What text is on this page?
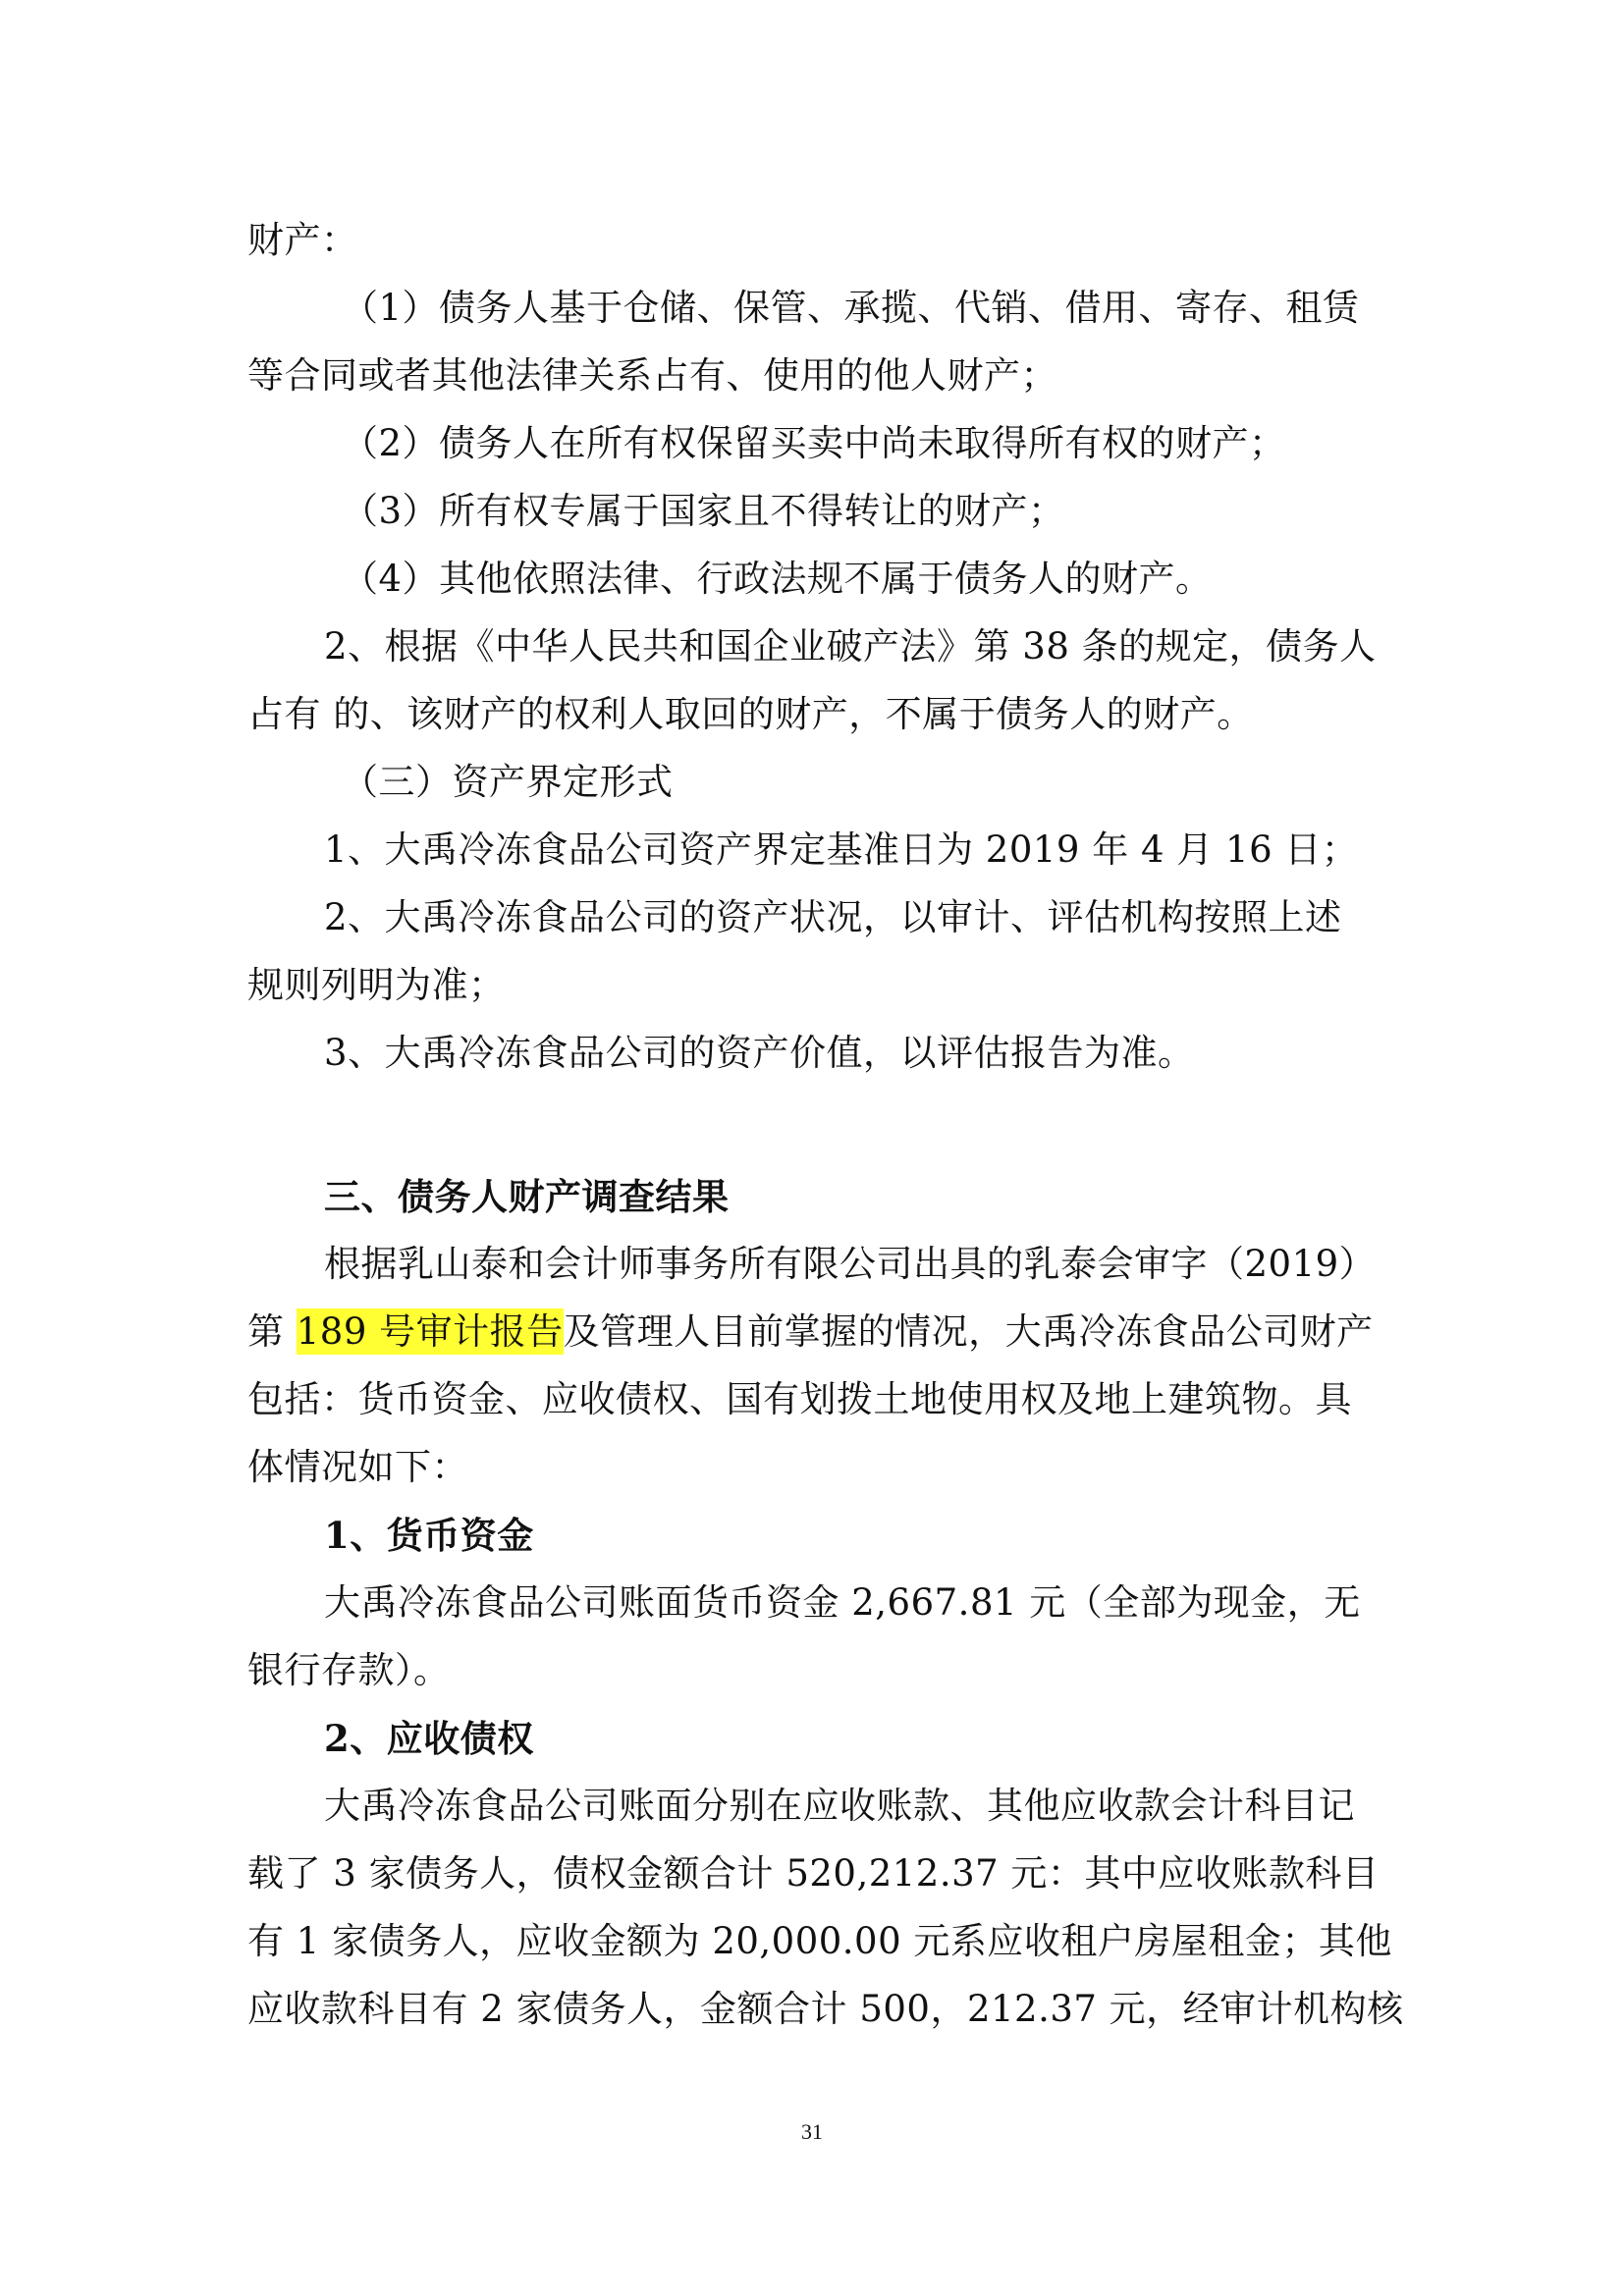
财产：
（1）债务人基于仓储、保管、承揽、代销、借用、寄存、租赁
等合同或者其他法律关系占有、使用的他人财产；
（2）债务人在所有权保留买卖中尚未取得所有权的财产；
（3）所有权专属于国家且不得转让的财产；
（4）其他依照法律、行政法规不属于债务人的财产。
2、根据《中华人民共和国企业破产法》第 38 条的规定，债务人
占有 的、该财产的权利人取回的财产，不属于债务人的财产。
（三）资产界定形式
1、大禹冷冻食品公司资产界定基准日为 2019 年 4 月 16 日；
2、大禹冷冻食品公司的资产状况，以审计、评估机构按照上述
规则列明为准；
3、大禹冷冻食品公司的资产价值，以评估报告为准。
三、债务人财产调查结果
根据乳山泰和会计师事务所有限公司出具的乳泰会审字（2019）
第 189 号审计报告及管理人目前掌握的情况，大禹冷冻食品公司财产
包括：货币资金、应收债权、国有划拨土地使用权及地上建筑物。具
体情况如下：
1、货币资金
大禹冷冻食品公司账面货币资金 2,667.81 元（全部为现金，无
银行存款）。
2、应收债权
大禹冷冻食品公司账面分别在应收账款、其他应收款会计科目记
载了 3 家债务人，债权金额合计 520,212.37 元：其中应收账款科目
有 1 家债务人，应收金额为 20,000.00 元系应收租户房屋租金；其他
应收款科目有 2 家债务人，金额合计 500，212.37 元，经审计机构核
31
